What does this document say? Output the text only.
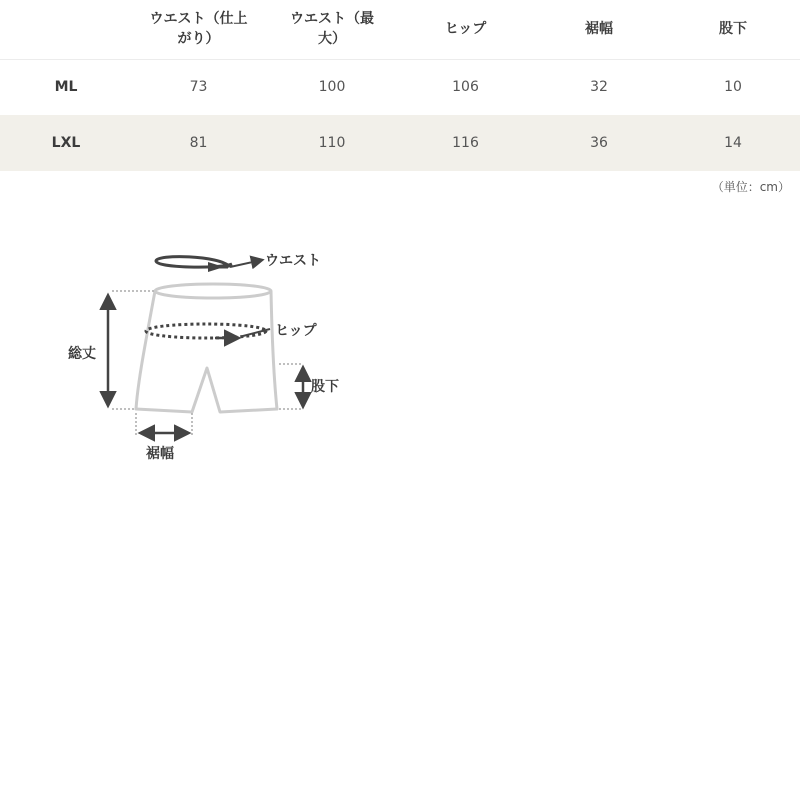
	ウエスト（仕上がり）	ウエスト（最大）	ヒップ	裾幅	股下
ML	73	100	106	32	10
LXL	81	110	116	36	14
（単位：cm）
ウエスト
ヒップ
総丈
股下
裾幅
